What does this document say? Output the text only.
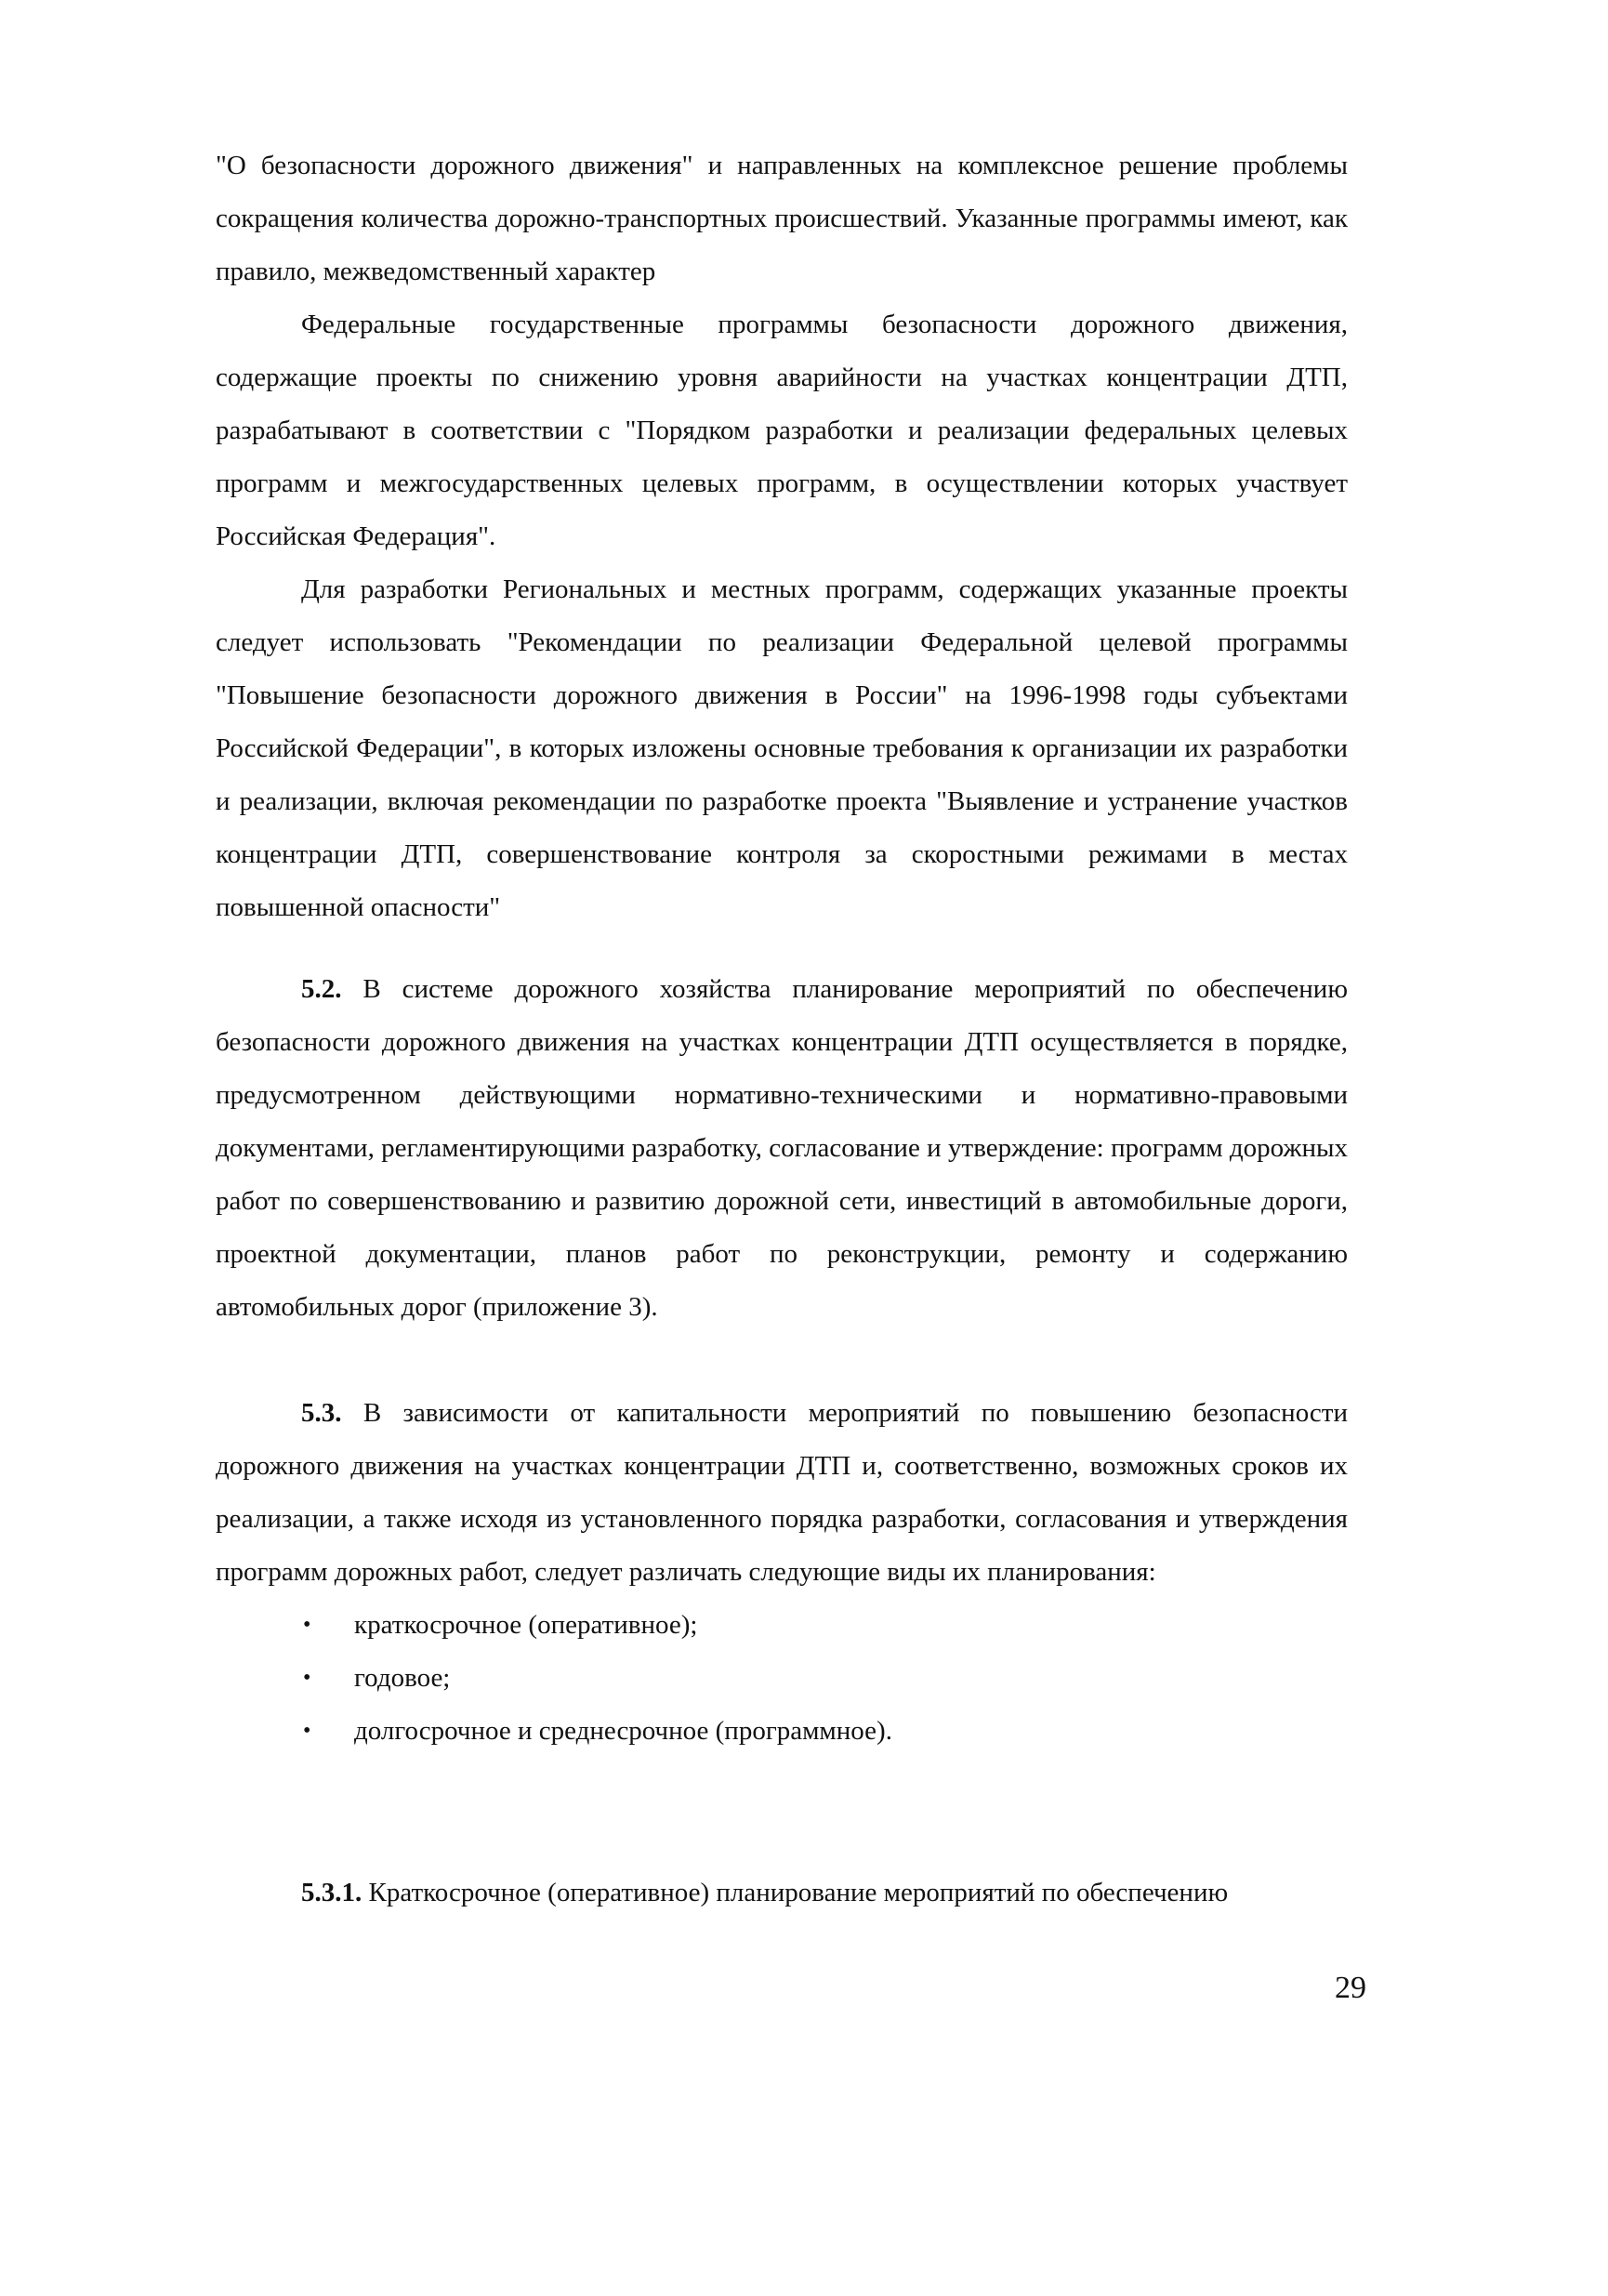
"О безопасности дорожного движения" и направленных на комплексное решение проблемы сокращения количества дорожно-транспортных происшествий. Указанные программы имеют, как правило, межведомственный характер

Федеральные государственные программы безопасности дорожного движения, содержащие проекты по снижению уровня аварийности на участках концентрации ДТП, разрабатывают в соответствии с "Порядком разработки и реализации федеральных целевых программ и межгосударственных целевых программ, в осуществлении которых участвует Российская Федерация".

Для разработки Региональных и местных программ, содержащих указанные проекты следует использовать "Рекомендации по реализации Федеральной целевой программы "Повышение безопасности дорожного движения в России" на 1996-1998 годы субъектами Российской Федерации", в которых изложены основные требования к организации их разработки и реализации, включая рекомендации по разработке проекта "Выявление и устранение участков концентрации ДТП, совершенствование контроля за скоростными режимами в местах повышенной опасности"

5.2. В системе дорожного хозяйства планирование мероприятий по обеспечению безопасности дорожного движения на участках концентрации ДТП осуществляется в порядке, предусмотренном действующими нормативно-техническими и нормативно-правовыми документами, регламентирующими разработку, согласование и утверждение: программ дорожных работ по совершенствованию и развитию дорожной сети, инвестиций в автомобильные дороги, проектной документации, планов работ по реконструкции, ремонту и содержанию автомобильных дорог (приложение 3).

5.3. В зависимости от капитальности мероприятий по повышению безопасности дорожного движения на участках концентрации ДТП и, соответственно, возможных сроков их реализации, а также исходя из установленного порядка разработки, согласования и утверждения программ дорожных работ, следует различать следующие виды их планирования:

• краткосрочное (оперативное);
• годовое;
• долгосрочное и среднесрочное (программное).

5.3.1. Краткосрочное (оперативное) планирование мероприятий по обеспечению

29
